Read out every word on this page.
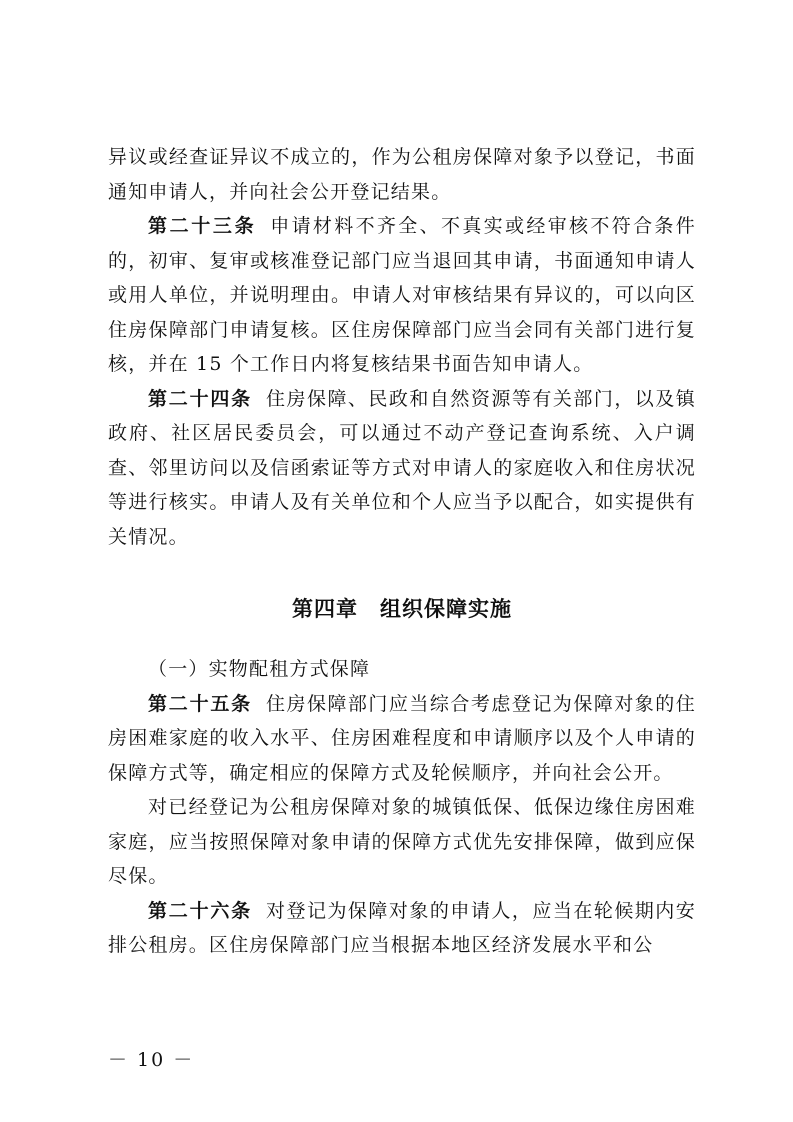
异议或经查证异议不成立的，作为公租房保障对象予以登记，书面通知申请人，并向社会公开登记结果。

第二十三条 申请材料不齐全、不真实或经审核不符合条件的，初审、复审或核准登记部门应当退回其申请，书面通知申请人或用人单位，并说明理由。申请人对审核结果有异议的，可以向区住房保障部门申请复核。区住房保障部门应当会同有关部门进行复核，并在 15 个工作日内将复核结果书面告知申请人。

第二十四条 住房保障、民政和自然资源等有关部门，以及镇政府、社区居民委员会，可以通过不动产登记查询系统、入户调查、邻里访问以及信函索证等方式对申请人的家庭收入和住房状况等进行核实。申请人及有关单位和个人应当予以配合，如实提供有关情况。

第四章 组织保障实施

（一）实物配租方式保障

第二十五条 住房保障部门应当综合考虑登记为保障对象的住房困难家庭的收入水平、住房困难程度和申请顺序以及个人申请的保障方式等，确定相应的保障方式及轮候顺序，并向社会公开。

对已经登记为公租房保障对象的城镇低保、低保边缘住房困难家庭，应当按照保障对象申请的保障方式优先安排保障，做到应保尽保。

第二十六条 对登记为保障对象的申请人，应当在轮候期内安排公租房。区住房保障部门应当根据本地区经济发展水平和公

－ 10 －
